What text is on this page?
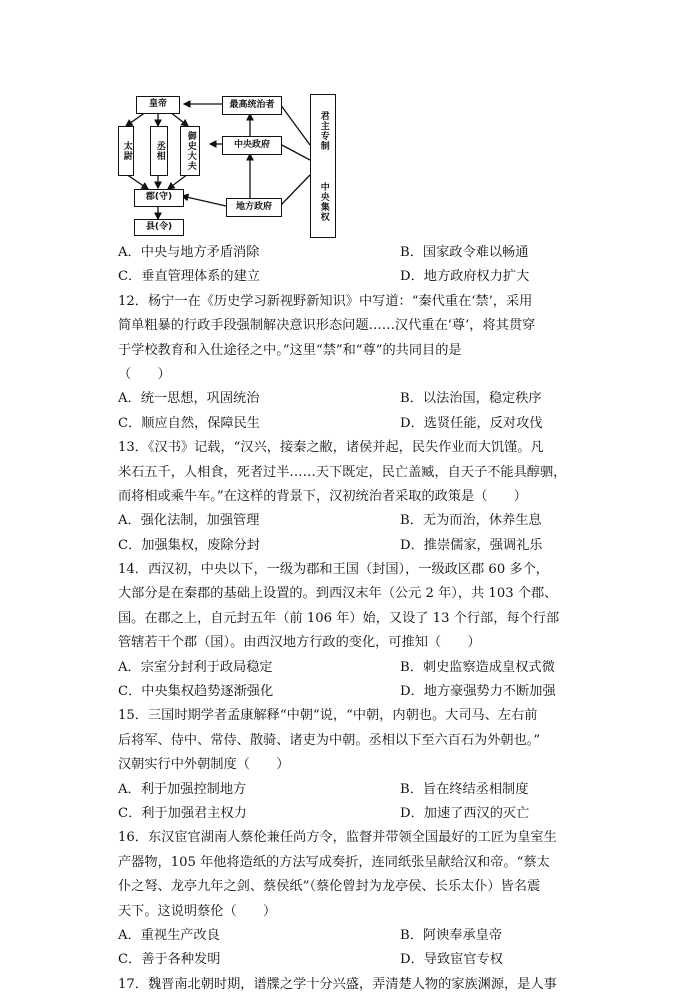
皇帝
太尉	丞相	御史大夫
郡(守)
县(令)
最高统治者
中央政府
地方政府
君主专制
中央集权
A．中央与地方矛盾消除	B．国家政令难以畅通
C．垂直管理体系的建立	D．地方政府权力扩大
12．杨宁一在《历史学习新视野新知识》中写道：“秦代重在‘禁’，采用
简单粗暴的行政手段强制解决意识形态问题……汉代重在‘尊’，将其贯穿
于学校教育和入仕途径之中。”这里“禁”和“尊”的共同目的是
（　　）
A．统一思想，巩固统治	B．以法治国，稳定秩序
C．顺应自然，保障民生	D．选贤任能，反对攻伐
13．《汉书》记载，“汉兴，接秦之敝，诸侯并起，民失作业而大饥馑。凡
米石五千，人相食，死者过半……天下既定，民亡盖臧，自天子不能具醇驷，
而将相或乘牛车。”在这样的背景下，汉初统治者采取的政策是（　　）
A．强化法制，加强管理	B．无为而治，休养生息
C．加强集权，废除分封	D．推崇儒家，强调礼乐
14．西汉初，中央以下，一级为郡和王国（封国），一级政区郡 60 多个，
大部分是在秦郡的基础上设置的。到西汉末年（公元 2 年），共 103 个郡、
国。在郡之上，自元封五年（前 106 年）始，又设了 13 个行部，每个行部
管辖若干个郡（国）。由西汉地方行政的变化，可推知（　　）
A．宗室分封利于政局稳定	B．刺史监察造成皇权式微
C．中央集权趋势逐渐强化	D．地方豪强势力不断加强
15．三国时期学者孟康解释“中朝”说，“中朝，内朝也。大司马、左右前
后将军、侍中、常侍、散骑、诸吏为中朝。丞相以下至六百石为外朝也。”
汉朝实行中外朝制度（　　）
A．利于加强控制地方	B．旨在终结丞相制度
C．利于加强君主权力	D．加速了西汉的灭亡
16．东汉宦官湖南人蔡伦兼任尚方令，监督并带领全国最好的工匠为皇室生
产器物，105 年他将造纸的方法写成奏折，连同纸张呈献给汉和帝。“蔡太
仆之弩、龙亭九年之剑、蔡侯纸”（蔡伦曾封为龙亭侯、长乐太仆）皆名震
天下。这说明蔡伦（　　）
A．重视生产改良	B．阿谀奉承皇帝
C．善于各种发明	D．导致宦官专权
17．魏晋南北朝时期，谱牒之学十分兴盛，弄清楚人物的家族渊源，是人事
